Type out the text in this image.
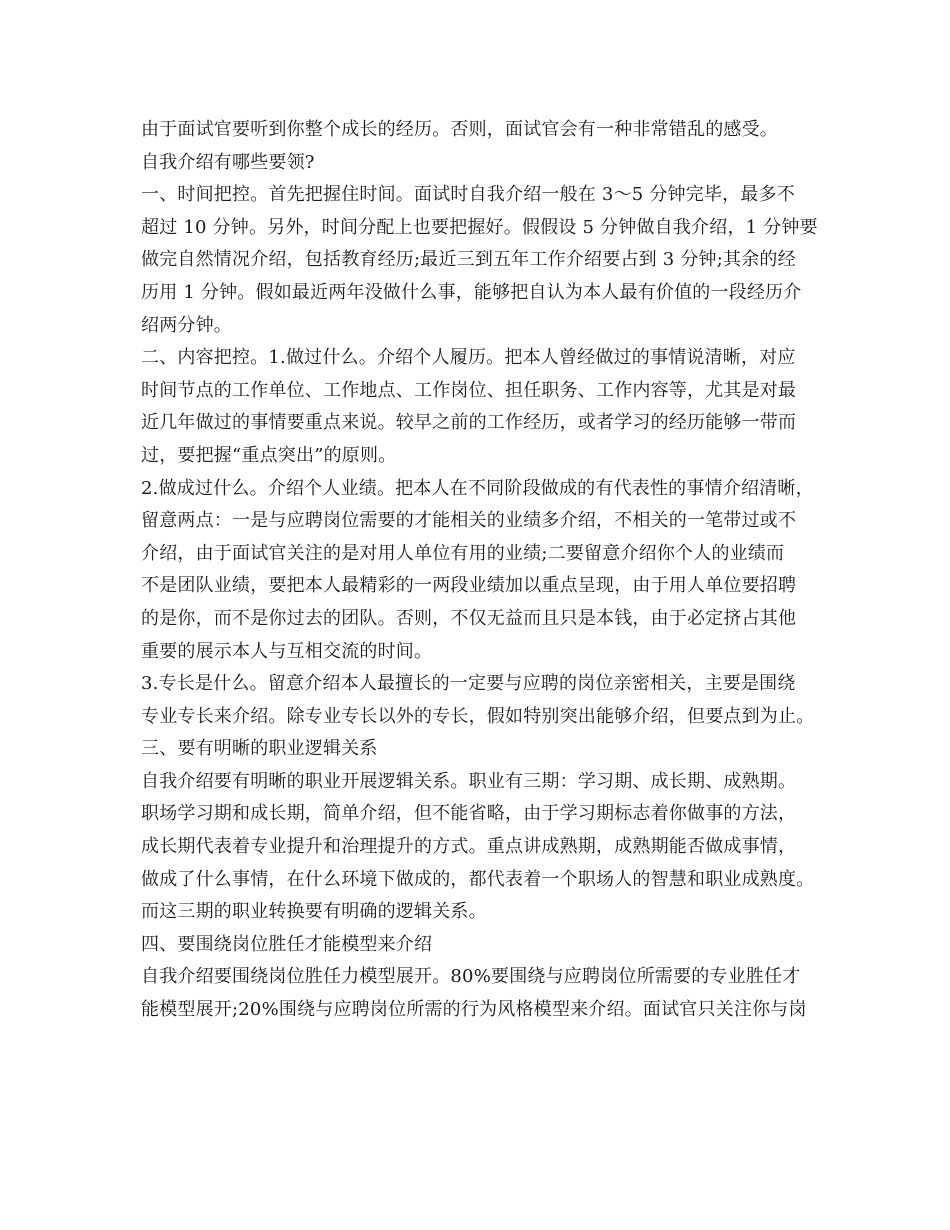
由于面试官要听到你整个成长的经历。否则，面试官会有一种非常错乱的感受。
自我介绍有哪些要领?
一、时间把控。首先把握住时间。面试时自我介绍一般在 3～5 分钟完毕，最多不
超过 10 分钟。另外，时间分配上也要把握好。假假设 5 分钟做自我介绍，1 分钟要
做完自然情况介绍，包括教育经历;最近三到五年工作介绍要占到 3 分钟;其余的经
历用 1 分钟。假如最近两年没做什么事，能够把自认为本人最有价值的一段经历介
绍两分钟。
二、内容把控。1.做过什么。介绍个人履历。把本人曾经做过的事情说清晰，对应
时间节点的工作单位、工作地点、工作岗位、担任职务、工作内容等，尤其是对最
近几年做过的事情要重点来说。较早之前的工作经历，或者学习的经历能够一带而
过，要把握“重点突出”的原则。
2.做成过什么。介绍个人业绩。把本人在不同阶段做成的有代表性的事情介绍清晰，
留意两点：一是与应聘岗位需要的才能相关的业绩多介绍，不相关的一笔带过或不
介绍，由于面试官关注的是对用人单位有用的业绩;二要留意介绍你个人的业绩而
不是团队业绩，要把本人最精彩的一两段业绩加以重点呈现，由于用人单位要招聘
的是你，而不是你过去的团队。否则，不仅无益而且只是本钱，由于必定挤占其他
重要的展示本人与互相交流的时间。
3.专长是什么。留意介绍本人最擅长的一定要与应聘的岗位亲密相关，主要是围绕
专业专长来介绍。除专业专长以外的专长，假如特别突出能够介绍，但要点到为止。
三、要有明晰的职业逻辑关系
自我介绍要有明晰的职业开展逻辑关系。职业有三期：学习期、成长期、成熟期。
职场学习期和成长期，简单介绍，但不能省略，由于学习期标志着你做事的方法，
成长期代表着专业提升和治理提升的方式。重点讲成熟期，成熟期能否做成事情，
做成了什么事情，在什么环境下做成的，都代表着一个职场人的智慧和职业成熟度。
而这三期的职业转换要有明确的逻辑关系。
四、要围绕岗位胜任才能模型来介绍
自我介绍要围绕岗位胜任力模型展开。80%要围绕与应聘岗位所需要的专业胜任才
能模型展开;20%围绕与应聘岗位所需的行为风格模型来介绍。面试官只关注你与岗
